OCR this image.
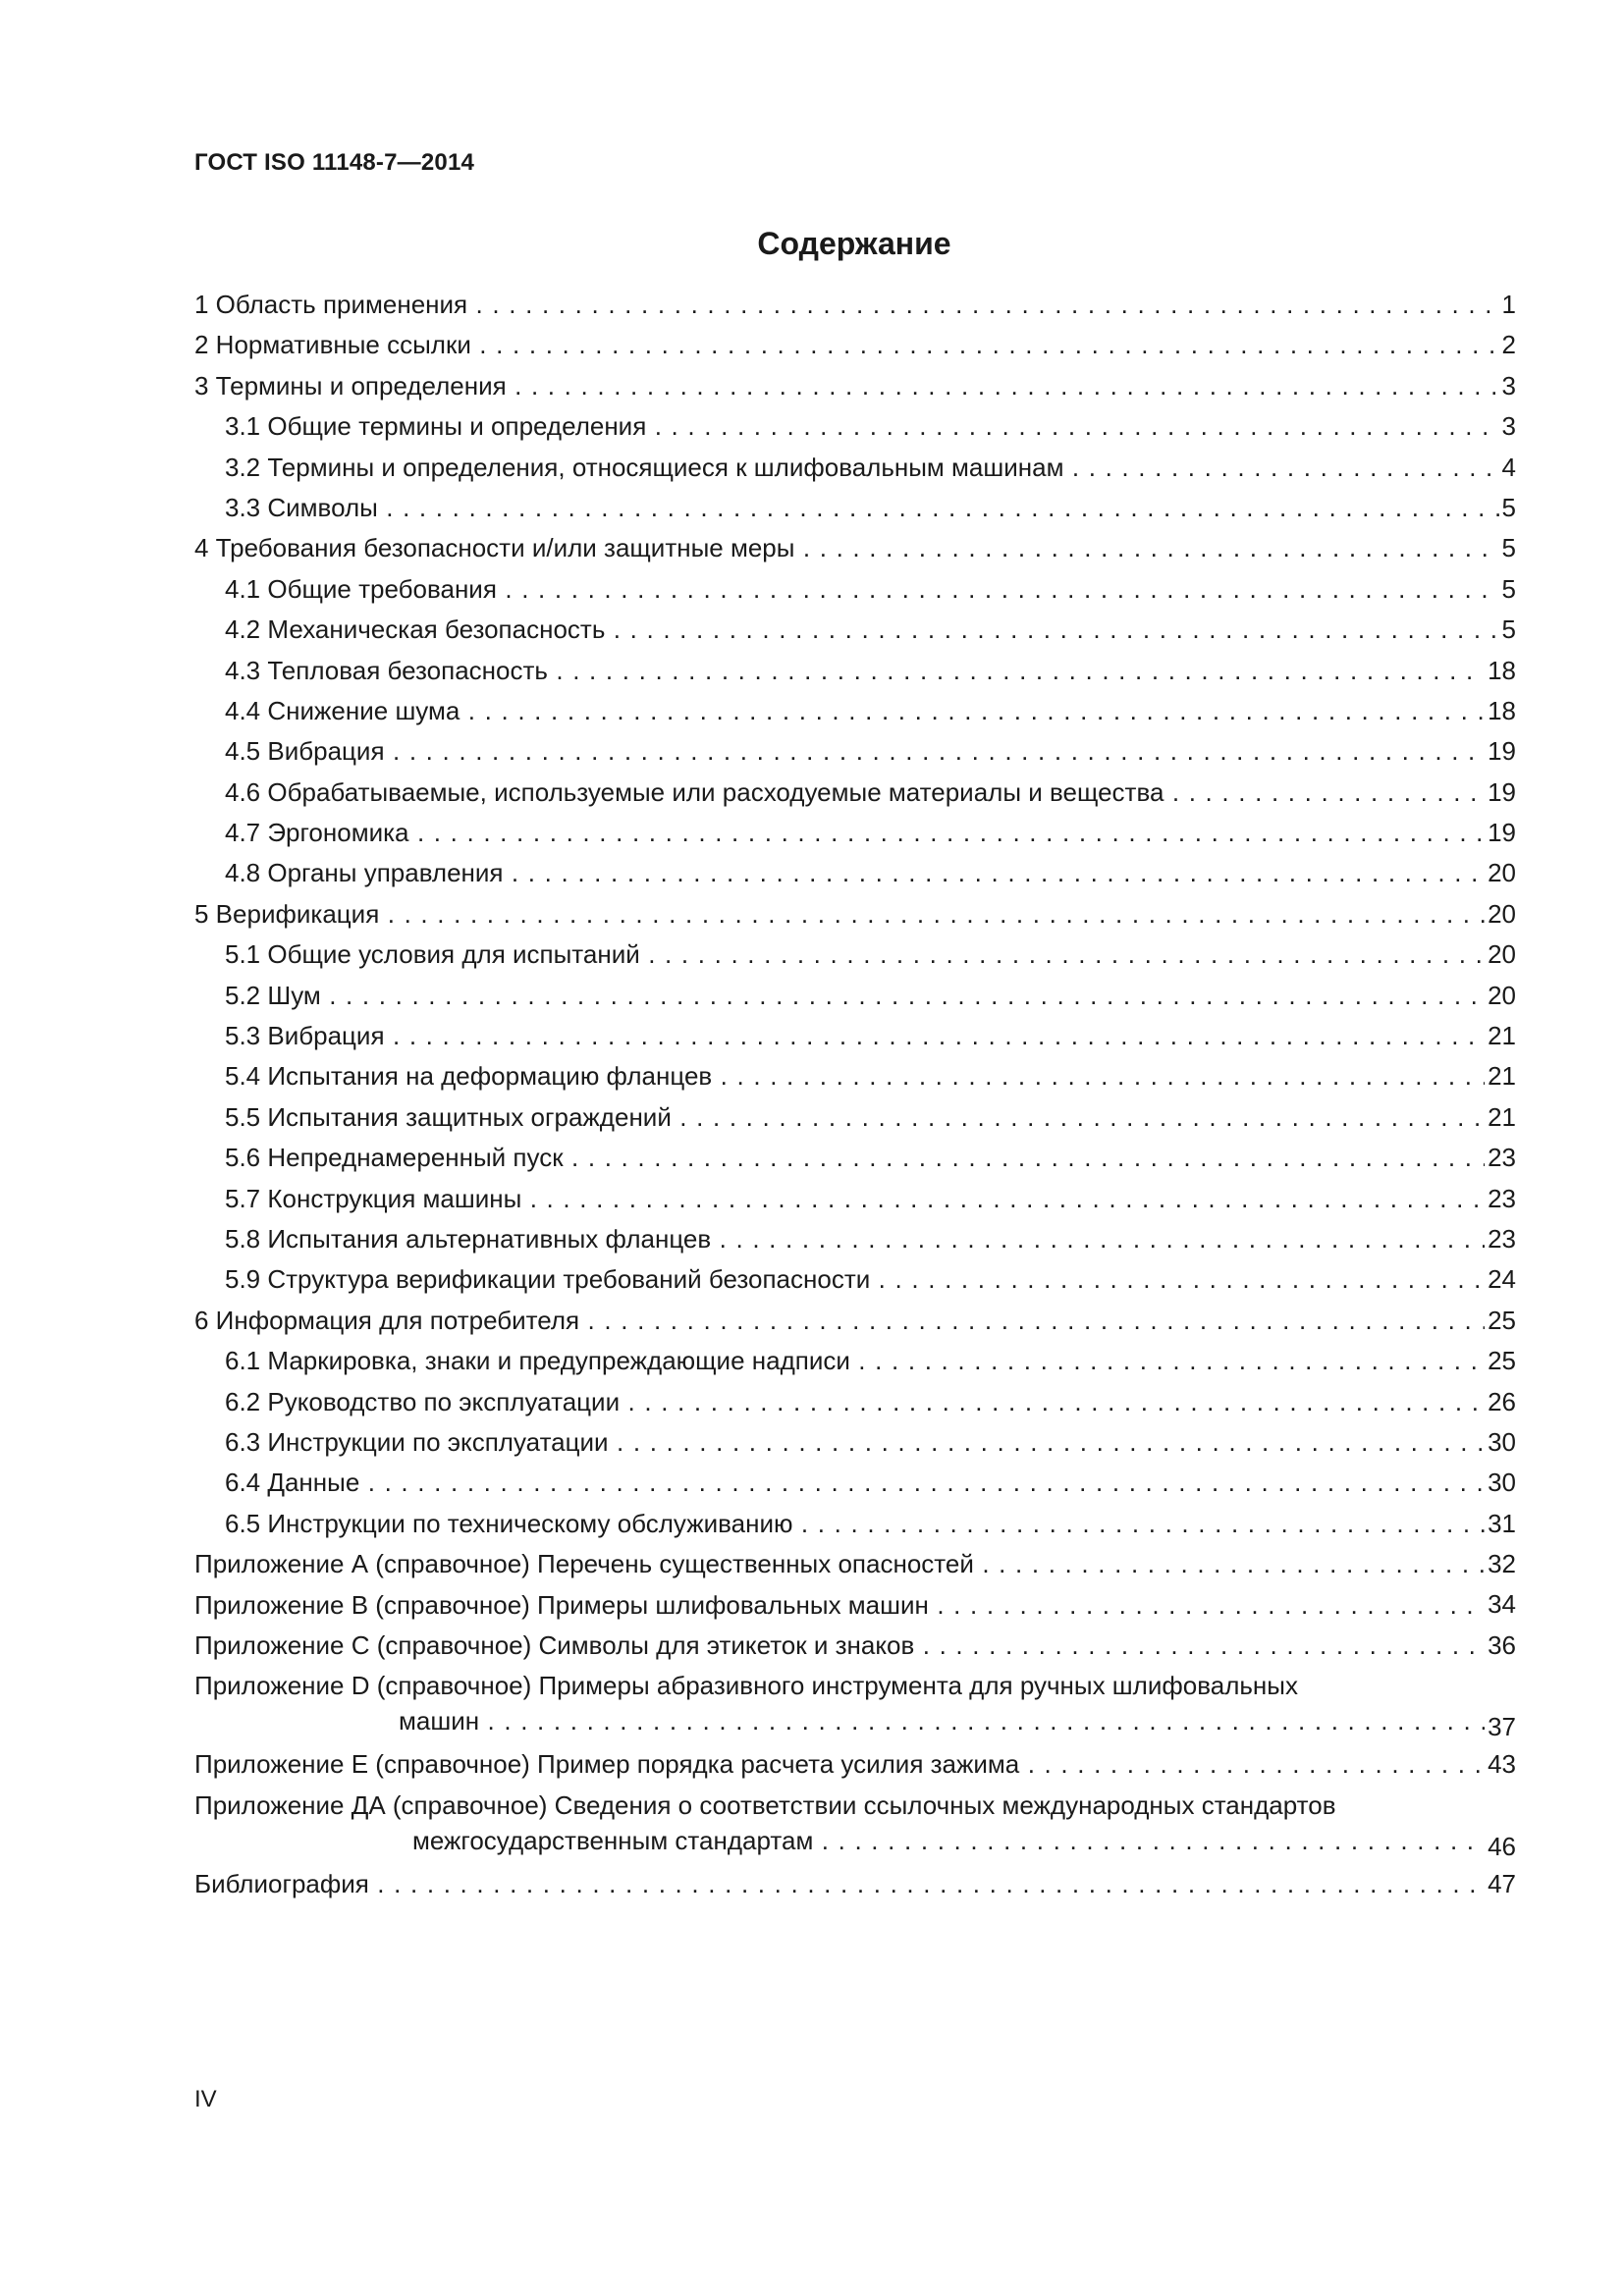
ГОСТ ISO 11148-7—2014
Содержание
1 Область применения . . .	1
2 Нормативные ссылки . . .	2
3 Термины и определения . . .	3
3.1 Общие термины и определения . . .	3
3.2 Термины и определения, относящиеся к шлифовальным машинам . . .	4
3.3 Символы . . .	5
4 Требования безопасности и/или защитные меры . . .	5
4.1 Общие требования . . .	5
4.2 Механическая безопасность . . .	5
4.3 Тепловая безопасность . . .	18
4.4 Снижение шума . . .	18
4.5 Вибрация . . .	19
4.6 Обрабатываемые, используемые или расходуемые материалы и вещества . . .	19
4.7 Эргономика . . .	19
4.8 Органы управления . . .	20
5 Верификация . . .	20
5.1 Общие условия для испытаний . . .	20
5.2 Шум . . .	20
5.3 Вибрация . . .	21
5.4 Испытания на деформацию фланцев . . .	21
5.5 Испытания защитных ограждений . . .	21
5.6 Непреднамеренный пуск . . .	23
5.7 Конструкция машины . . .	23
5.8 Испытания альтернативных фланцев . . .	23
5.9 Структура верификации требований безопасности . . .	24
6 Информация для потребителя . . .	25
6.1 Маркировка, знаки и предупреждающие надписи . . .	25
6.2 Руководство по эксплуатации . . .	26
6.3 Инструкции по эксплуатации . . .	30
6.4 Данные . . .	30
6.5 Инструкции по техническому обслуживанию . . .	31
Приложение А (справочное) Перечень существенных опасностей . . .	32
Приложение В (справочное) Примеры шлифовальных машин . . .	34
Приложение С (справочное) Символы для этикеток и знаков . . .	36
Приложение D (справочное) Примеры абразивного инструмента для ручных шлифовальных
машин . . .	37
Приложение Е (справочное) Пример порядка расчета усилия зажима . . .	43
Приложение ДА (справочное) Сведения о соответствии ссылочных международных стандартов
межгосударственным стандартам . . .	46
Библиография . . .	47
IV
